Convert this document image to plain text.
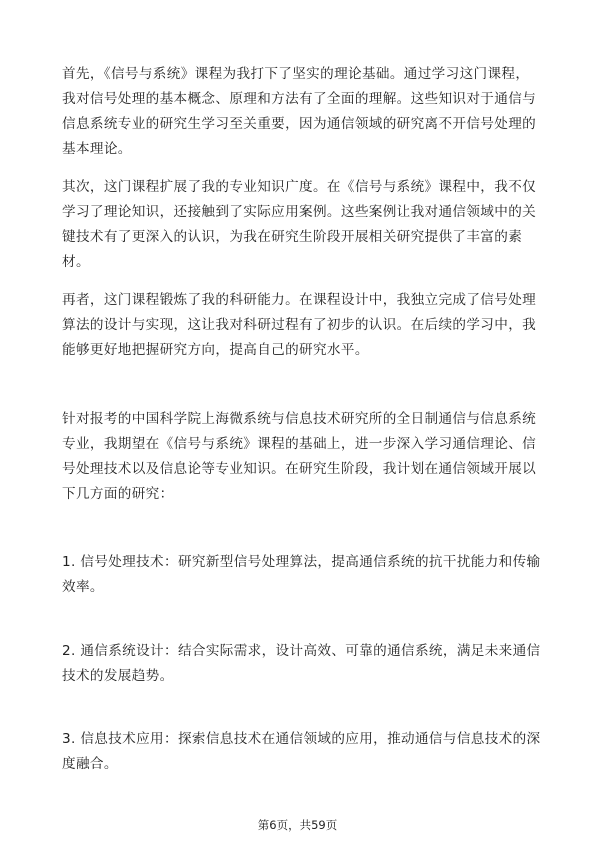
首先，《信号与系统》课程为我打下了坚实的理论基础。通过学习这门课程，我对信号处理的基本概念、原理和方法有了全面的理解。这些知识对于通信与信息系统专业的研究生学习至关重要，因为通信领域的研究离不开信号处理的基本理论。

其次，这门课程扩展了我的专业知识广度。在《信号与系统》课程中，我不仅学习了理论知识，还接触到了实际应用案例。这些案例让我对通信领域中的关键技术有了更深入的认识，为我在研究生阶段开展相关研究提供了丰富的素材。

再者，这门课程锻炼了我的科研能力。在课程设计中，我独立完成了信号处理算法的设计与实现，这让我对科研过程有了初步的认识。在后续的学习中，我能够更好地把握研究方向，提高自己的研究水平。

针对报考的中国科学院上海微系统与信息技术研究所的全日制通信与信息系统专业，我期望在《信号与系统》课程的基础上，进一步深入学习通信理论、信号处理技术以及信息论等专业知识。在研究生阶段，我计划在通信领域开展以下几方面的研究：

1. 信号处理技术：研究新型信号处理算法，提高通信系统的抗干扰能力和传输效率。

2. 通信系统设计：结合实际需求，设计高效、可靠的通信系统，满足未来通信技术的发展趋势。

3. 信息技术应用：探索信息技术在通信领域的应用，推动通信与信息技术的深度融合。

第6页，共59页
